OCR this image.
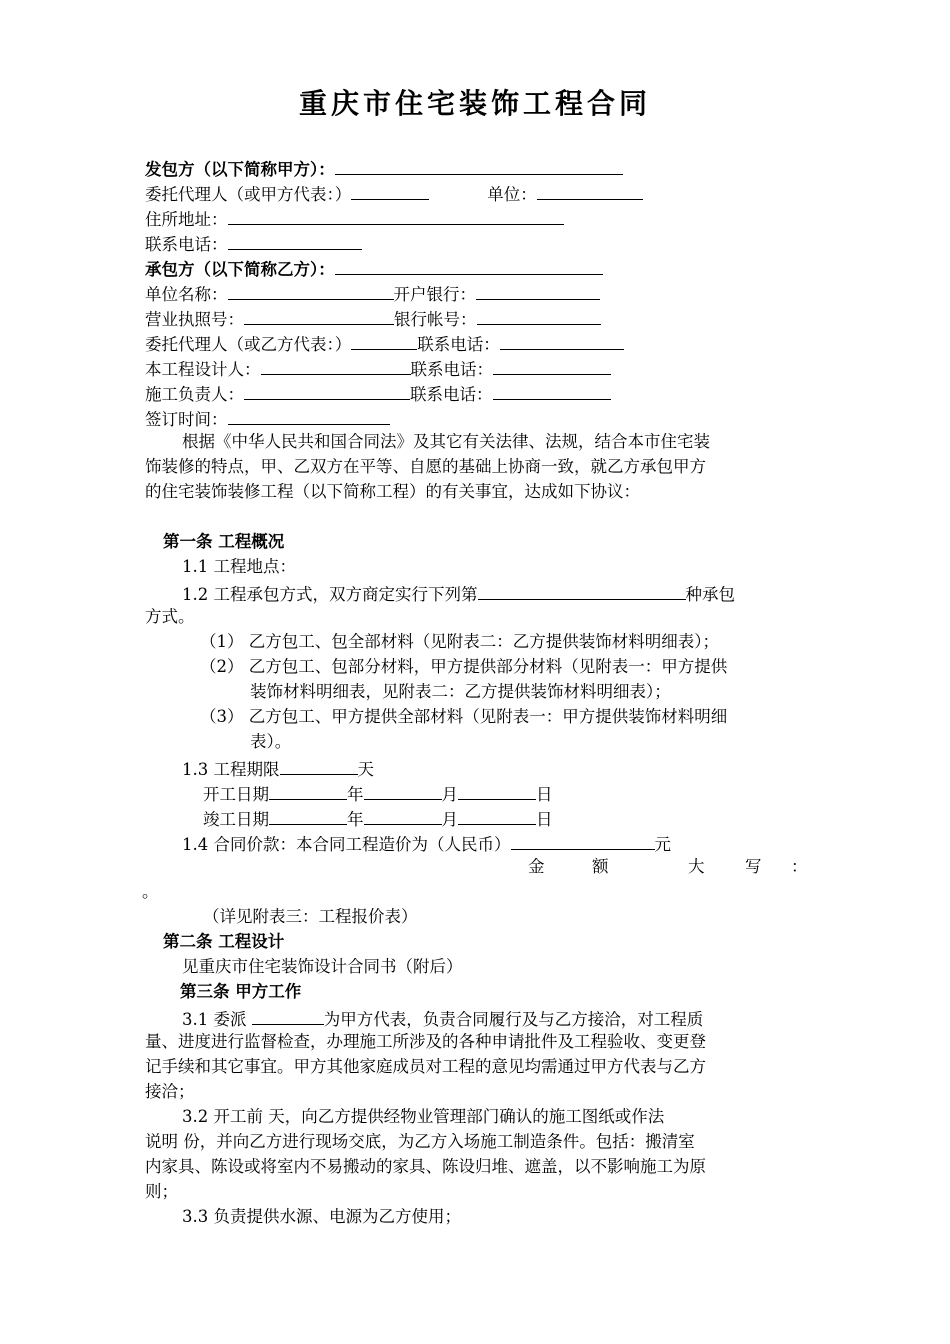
重庆市住宅装饰工程合同
发包方（以下简称甲方）：
委托代理人（或甲方代表：）	单位：
住所地址：
联系电话：
承包方（以下简称乙方）：
单位名称：	开户银行：
营业执照号：	银行帐号：
委托代理人（或乙方代表：）	联系电话：
本工程设计人：	联系电话：
施工负责人：	联系电话：
签订时间：
根据《中华人民共和国合同法》及其它有关法律、法规，结合本市住宅装
饰装修的特点，甲、乙双方在平等、自愿的基础上协商一致，就乙方承包甲方
的住宅装饰装修工程（以下简称工程）的有关事宜，达成如下协议：
第一条 工程概况
1.1 工程地点：
1.2 工程承包方式，双方商定实行下列第	种承包
方式。
（1） 乙方包工、包全部材料（见附表二：乙方提供装饰材料明细表）；
（2） 乙方包工、包部分材料，甲方提供部分材料（见附表一：甲方提供
装饰材料明细表，见附表二：乙方提供装饰材料明细表）；
（3） 乙方包工、甲方提供全部材料（见附表一：甲方提供装饰材料明细
表）。
1.3 工程期限	天
开工日期	年	月	日
竣工日期	年	月	日
1.4 合同价款：本合同工程造价为（人民币）	元
金	额	大 写 ：
。
（详见附表三：工程报价表）
第二条 工程设计
见重庆市住宅装饰设计合同书（附后）
第三条 甲方工作
3.1 委派	为甲方代表，负责合同履行及与乙方接洽，对工程质
量、进度进行监督检查，办理施工所涉及的各种申请批件及工程验收、变更登
记手续和其它事宜。甲方其他家庭成员对工程的意见均需通过甲方代表与乙方
接洽；
3.2 开工前 天，向乙方提供经物业管理部门确认的施工图纸或作法
说明 份，并向乙方进行现场交底，为乙方入场施工制造条件。包括：搬清室
内家具、陈设或将室内不易搬动的家具、陈设归堆、遮盖，以不影响施工为原
则；
3.3 负责提供水源、电源为乙方使用；
